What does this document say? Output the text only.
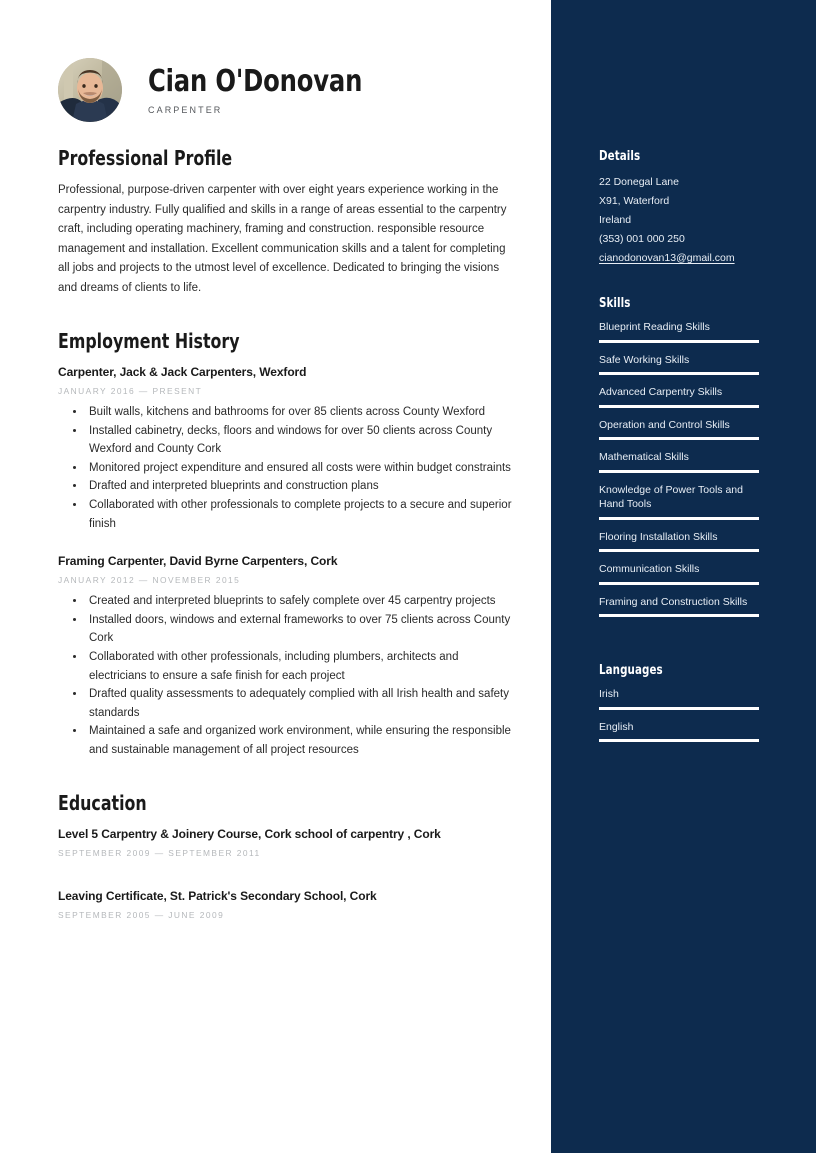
Cian O'Donovan
CARPENTER
Professional Profile

Professional, purpose-driven carpenter with over eight years experience working in the carpentry industry. Fully qualified and skills in a range of areas essential to the carpentry craft, including operating machinery, framing and construction. responsible resource management and installation. Excellent communication skills and a talent for completing all jobs and projects to the utmost level of excellence. Dedicated to bringing the visions and dreams of clients to life.

Employment History
Carpenter, Jack & Jack Carpenters, Wexford
JANUARY 2016 — PRESENT
• Built walls, kitchens and bathrooms for over 85 clients across County Wexford
• Installed cabinetry, decks, floors and windows for over 50 clients across County Wexford and County Cork
• Monitored project expenditure and ensured all costs were within budget constraints
• Drafted and interpreted blueprints and construction plans
• Collaborated with other professionals to complete projects to a secure and superior finish
Framing Carpenter, David Byrne Carpenters, Cork
JANUARY 2012 — NOVEMBER 2015
• Created and interpreted blueprints to safely complete over 45 carpentry projects
• Installed doors, windows and external frameworks to over 75 clients across County Cork
• Collaborated with other professionals, including plumbers, architects and electricians to ensure a safe finish for each project
• Drafted quality assessments to adequately complied with all Irish health and safety standards
• Maintained a safe and organized work environment, while ensuring the responsible and sustainable management of all project resources
Education
Level 5 Carpentry & Joinery Course, Cork school of carpentry , Cork
SEPTEMBER 2009 — SEPTEMBER 2011
Leaving Certificate, St. Patrick's Secondary School, Cork
SEPTEMBER 2005 — JUNE 2009
Details
22 Donegal Lane
X91, Waterford
Ireland
(353) 001 000 250
cianodonovan13@gmail.com
Skills
Blueprint Reading Skills
Safe Working Skills
Advanced Carpentry Skills
Operation and Control Skills
Mathematical Skills
Knowledge of Power Tools and Hand Tools
Flooring Installation Skills
Communication Skills
Framing and Construction Skills
Languages
Irish
English
